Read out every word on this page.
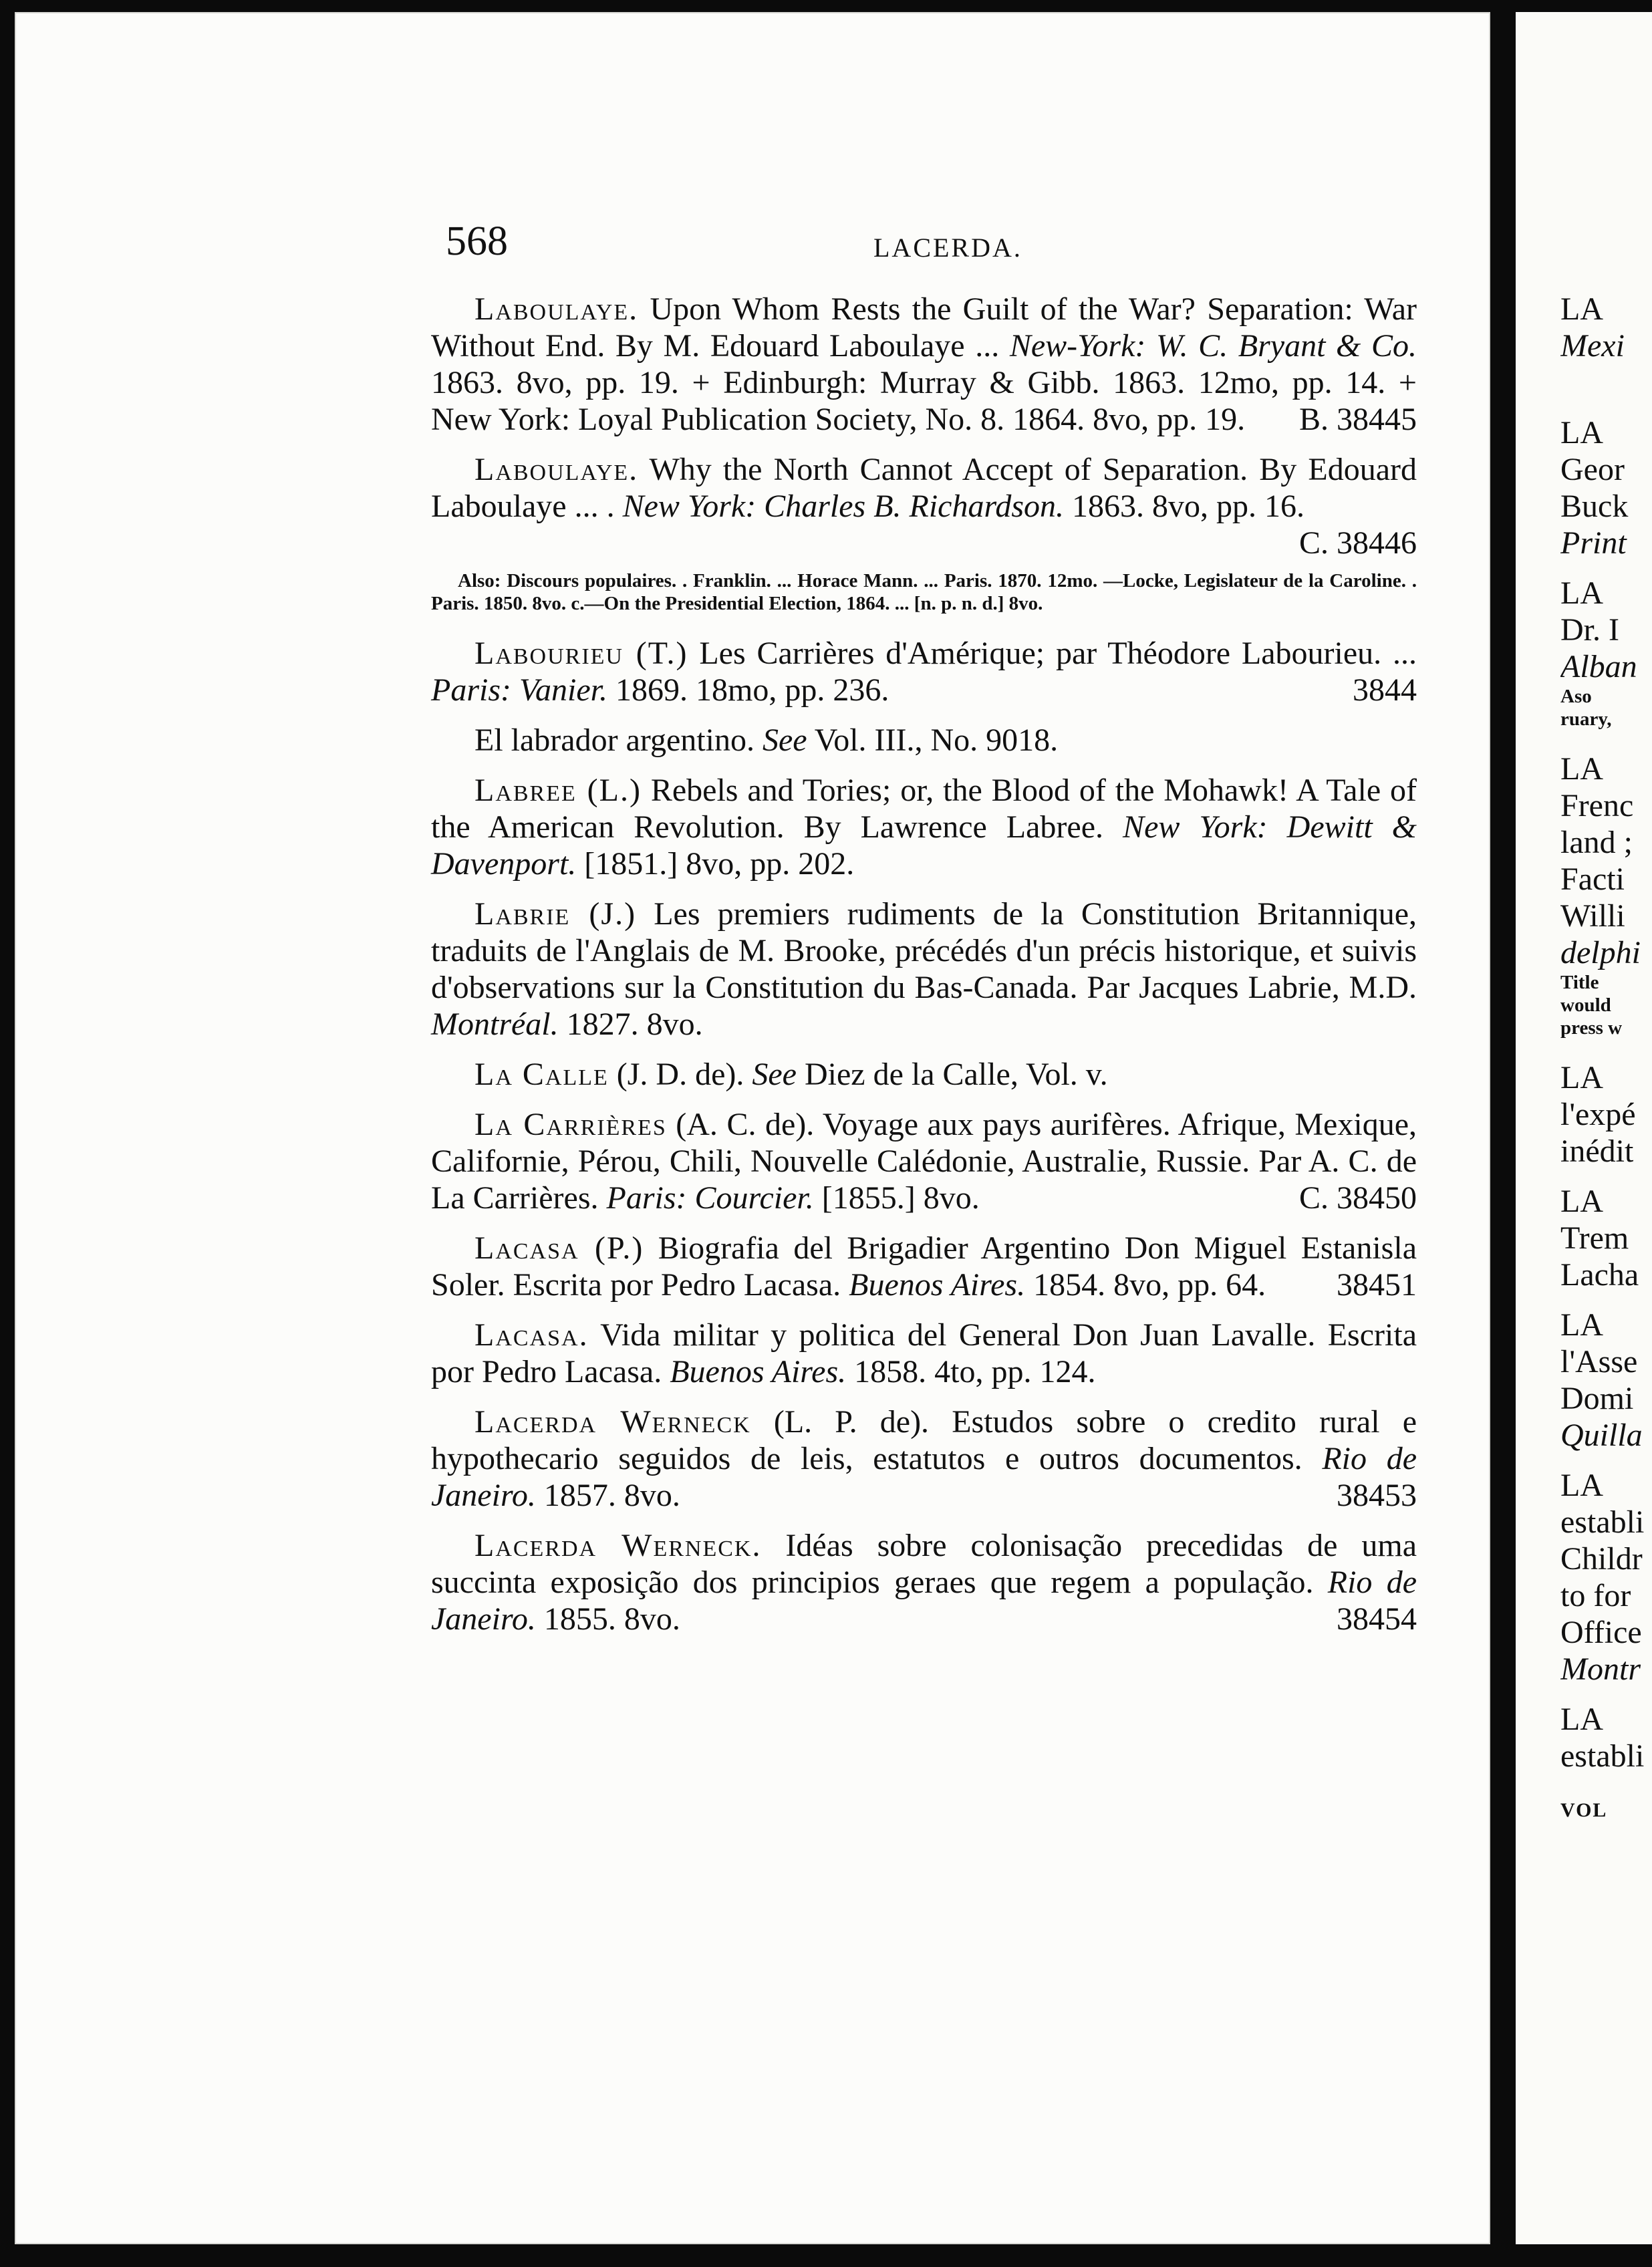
568	LACERDA.

Laboulaye. Upon Whom Rests the Guilt of the War? Separation: War Without End. By M. Edouard Laboulaye ... New-York: W. C. Bryant & Co. 1863. 8vo, pp. 19. + Edinburgh: Murray & Gibb. 1863. 12mo, pp. 14. + New York: Loyal Publication Society, No. 8. 1864. 8vo, pp. 19.	B. 38445

Laboulaye. Why the North Cannot Accept of Separation. By Edouard Laboulaye ... . New York: Charles B. Richardson. 1863. 8vo, pp. 16.
C. 38446

Also: Discours populaires. . Franklin. ... Horace Mann. ... Paris. 1870. 12mo. —Locke, Legislateur de la Caroline. . Paris. 1850. 8vo. c.—On the Presidential Election, 1864. ... [n. p. n. d.] 8vo.

Labourieu (T.) Les Carrières d'Amérique; par Théodore Labourieu. ... Paris: Vanier. 1869. 18mo, pp. 236.	3844

El labrador argentino. See Vol. III., No. 9018.

Labree (L.) Rebels and Tories; or, the Blood of the Mohawk! A Tale of the American Revolution. By Lawrence Labree. New York: Dewitt & Davenport. [1851.] 8vo, pp. 202.

Labrie (J.) Les premiers rudiments de la Constitution Britannique, traduits de l'Anglais de M. Brooke, précédés d'un précis historique, et suivis d'observations sur la Constitution du Bas-Canada. Par Jacques Labrie, M.D. Montréal. 1827. 8vo.

La Calle (J. D. de). See Diez de la Calle, Vol. v.

La Carrières (A. C. de). Voyage aux pays aurifères. Afrique, Mexique, Californie, Pérou, Chili, Nouvelle Calédonie, Australie, Russie. Par A. C. de La Carrières. Paris: Courcier. [1855.] 8vo.	C. 38450

Lacasa (P.) Biografia del Brigadier Argentino Don Miguel Estanisla Soler. Escrita por Pedro Lacasa. Buenos Aires. 1854. 8vo, pp. 64.	38451

Lacasa. Vida militar y politica del General Don Juan Lavalle. Escrita por Pedro Lacasa. Buenos Aires. 1858. 4to, pp. 124.

Lacerda Werneck (L. P. de). Estudos sobre o credito rural e hypothecario seguidos de leis, estatutos e outros documentos. Rio de Janeiro. 1857. 8vo.	38453

Lacerda Werneck. Idéas sobre colonisação precedidas de uma succinta exposição dos principios geraes que regem a população. Rio de Janeiro. 1855. 8vo.	38454

LA
Mexi
LA
Geor
Buck
Print
LA
Dr. I
Alban
Aso
ruary,
LA
Frenc
land ;
Facti
Willi
delphi
Title
would
press w
LA
l'expé
inédit
LA
Trem
Lacha
LA
l'Asse
Domi
Quilla
LA
establi
Childr
to for
Office
Montr
LA
establi
VOL
